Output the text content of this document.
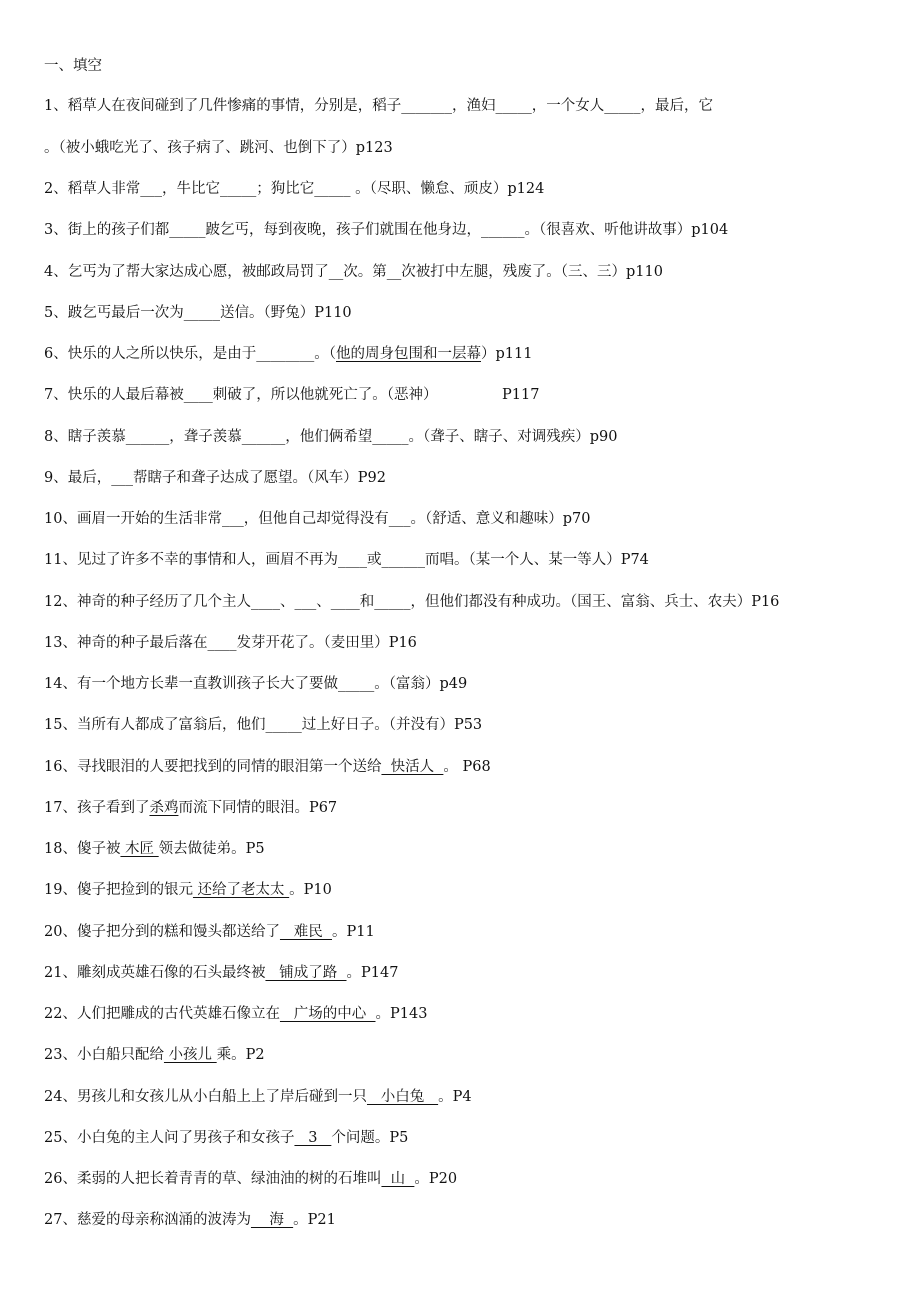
一、填空
1、稻草人在夜间碰到了几件惨痛的事情，分别是，稻子_______，渔妇_____，一个女人_____，最后，它
。（被小蛾吃光了、孩子病了、跳河、也倒下了）p123
2、稻草人非常___，牛比它_____；狗比它_____ 。（尽职、懒怠、顽皮）p124
3、街上的孩子们都_____跛乞丐，每到夜晚，孩子们就围在他身边，______。（很喜欢、听他讲故事）p104
4、乞丐为了帮大家达成心愿，被邮政局罚了__次。第__次被打中左腿，残废了。（三、三）p110
5、跛乞丐最后一次为_____送信。（野兔）P110
6、快乐的人之所以快乐，是由于________。（他的周身包围和一层幕）p111
7、快乐的人最后幕被____刺破了，所以他就死亡了。（恶神）              P117
8、瞎子羡慕______，聋子羡慕______，他们俩希望_____。（聋子、瞎子、对调残疾）p90
9、最后，___帮瞎子和聋子达成了愿望。（风车）P92
10、画眉一开始的生活非常___，但他自己却觉得没有___。（舒适、意义和趣味）p70
11、见过了许多不幸的事情和人，画眉不再为____或______而唱。（某一个人、某一等人）P74
12、神奇的种子经历了几个主人____、___、____和_____，但他们都没有种成功。（国王、富翁、兵士、农夫）P16
13、神奇的种子最后落在____发芽开花了。（麦田里）P16
14、有一个地方长辈一直教训孩子长大了要做_____。（富翁）p49
15、当所有人都成了富翁后，他们_____过上好日子。（并没有）P53
16、寻找眼泪的人要把找到的同情的眼泪第一个送给  快活人  。 P68
17、孩子看到了杀鸡而流下同情的眼泪。P67
18、傻子被 木匠 领去做徒弟。P5
19、傻子把捡到的银元 还给了老太太 。P10
20、傻子把分到的糕和馒头都送给了   难民  。P11
21、雕刻成英雄石像的石头最终被   铺成了路  。P147
22、人们把雕成的古代英雄石像立在   广场的中心  。P143
23、小白船只配给 小孩儿 乘。P2
24、男孩儿和女孩儿从小白船上上了岸后碰到一只   小白兔   。P4
25、小白兔的主人问了男孩子和女孩子   3   个问题。P5
26、柔弱的人把长着青青的草、绿油油的树的石堆叫  山  。P20
27、慈爱的母亲称汹涌的波涛为    海  。P21
